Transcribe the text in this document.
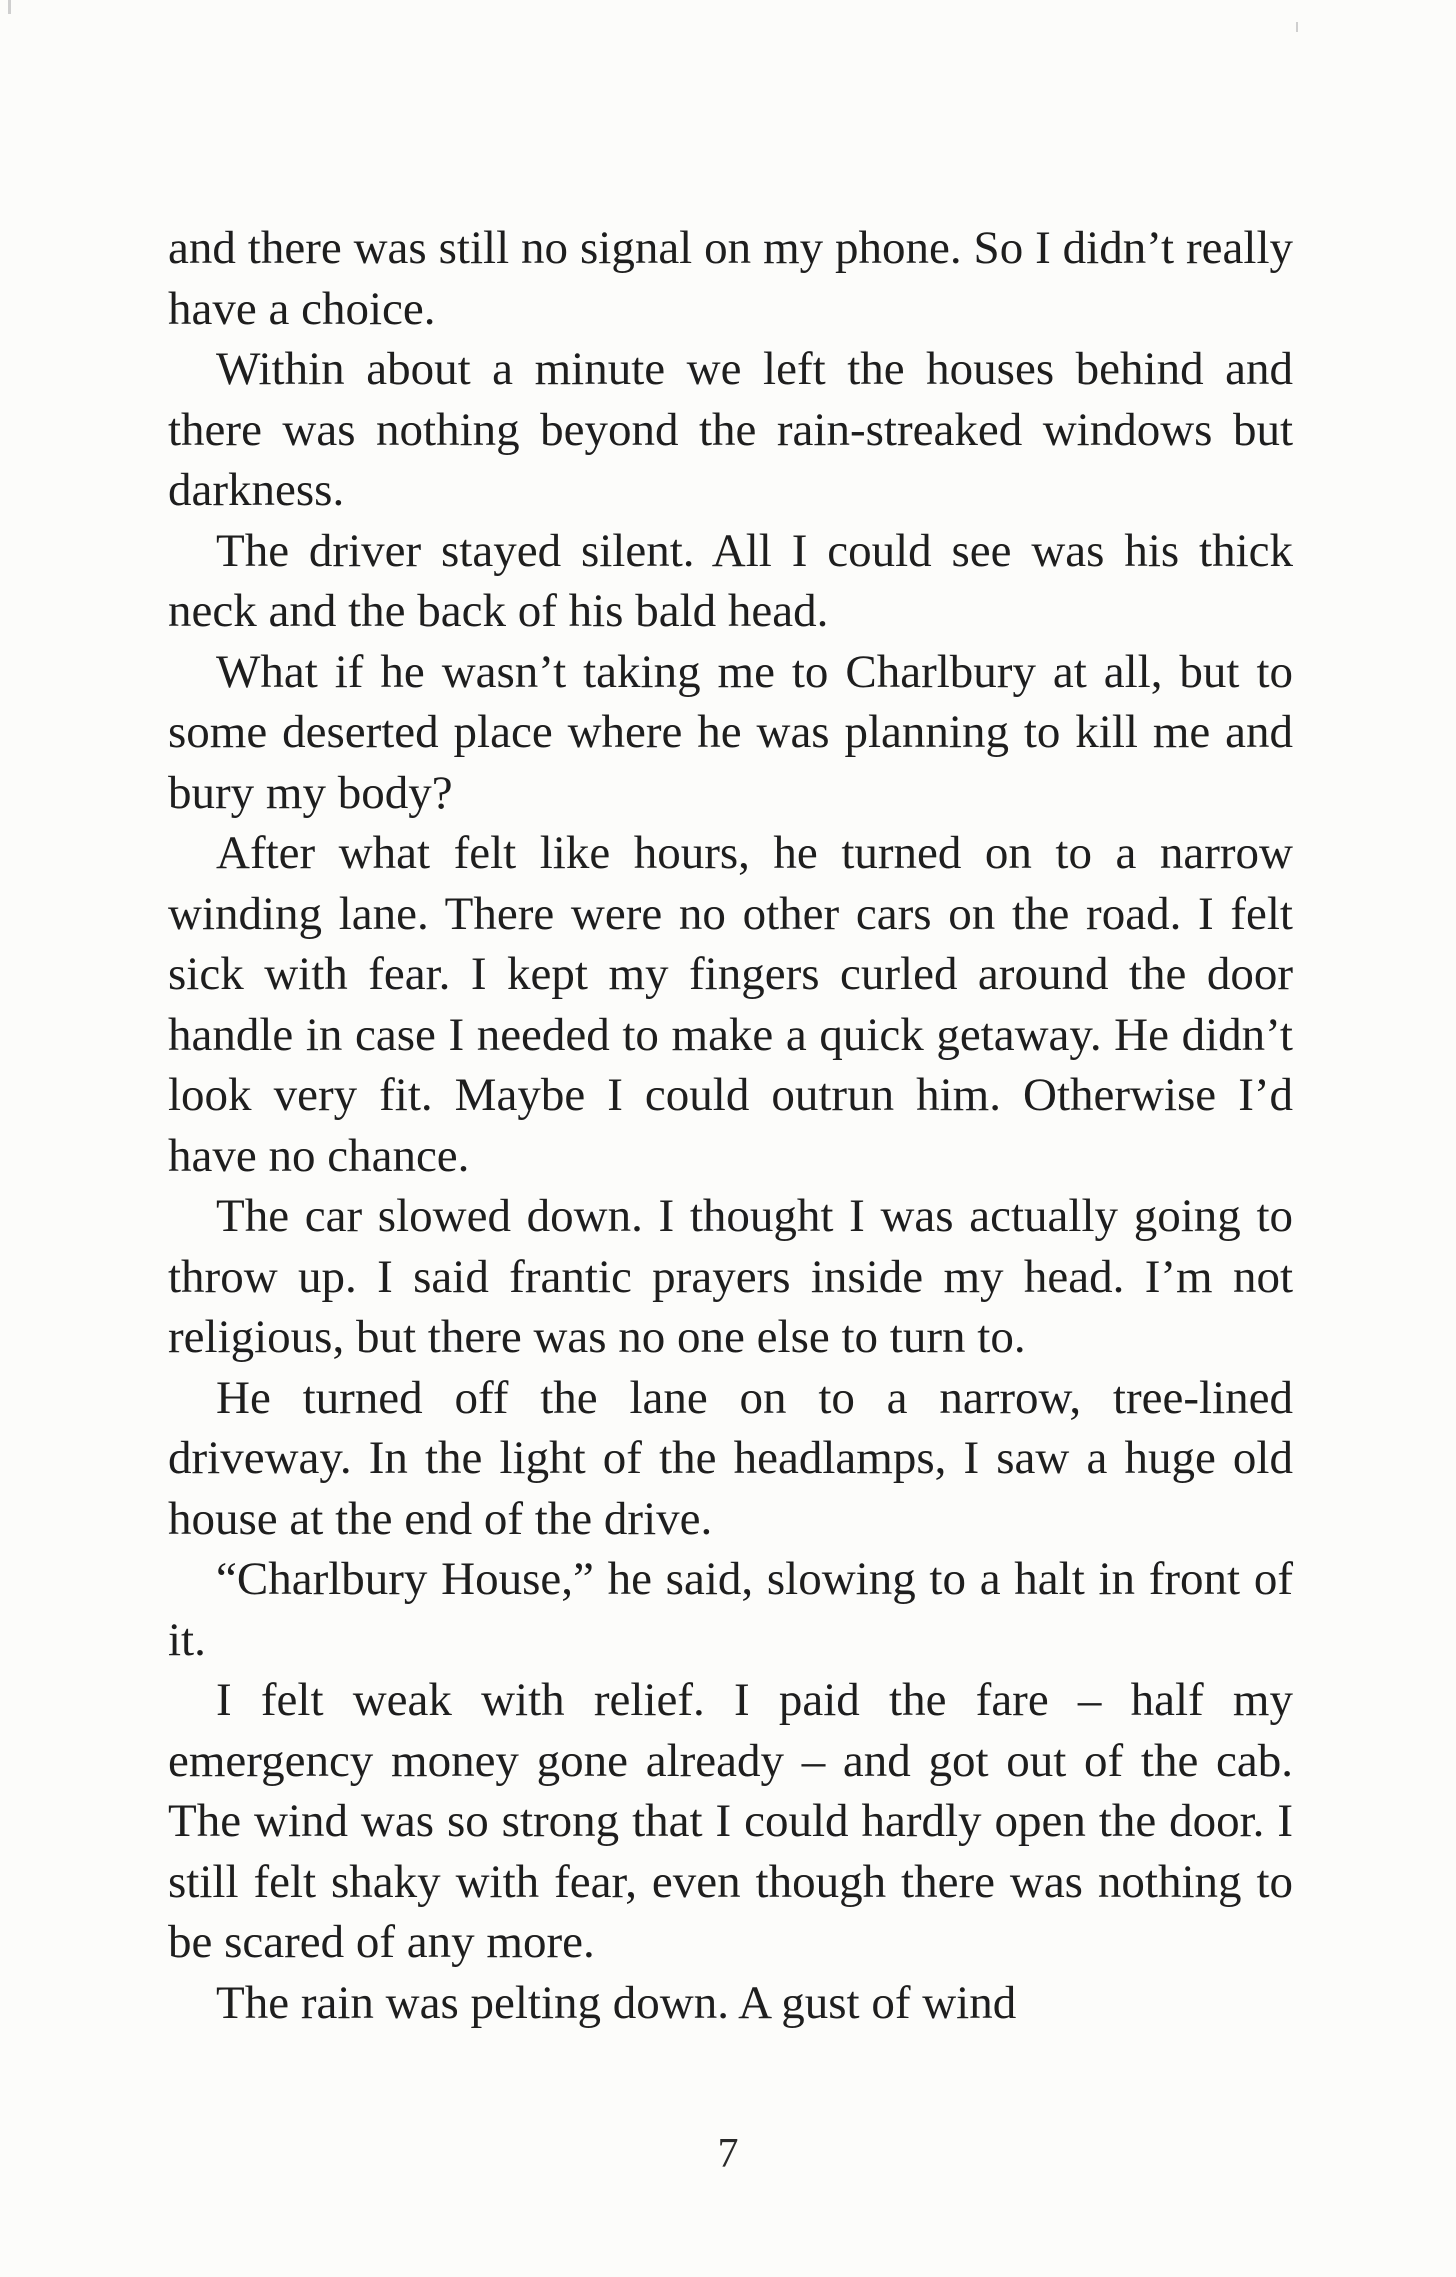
and there was still no signal on my phone. So I didn’t really have a choice.

Within about a minute we left the houses behind and there was nothing beyond the rain-streaked windows but darkness.

The driver stayed silent. All I could see was his thick neck and the back of his bald head.

What if he wasn’t taking me to Charlbury at all, but to some deserted place where he was planning to kill me and bury my body?

After what felt like hours, he turned on to a narrow winding lane. There were no other cars on the road. I felt sick with fear. I kept my fingers curled around the door handle in case I needed to make a quick getaway. He didn’t look very fit. Maybe I could outrun him. Otherwise I’d have no chance.

The car slowed down. I thought I was actually going to throw up. I said frantic prayers inside my head. I’m not religious, but there was no one else to turn to.

He turned off the lane on to a narrow, tree-lined driveway. In the light of the headlamps, I saw a huge old house at the end of the drive.

“Charlbury House,” he said, slowing to a halt in front of it.

I felt weak with relief. I paid the fare – half my emergency money gone already – and got out of the cab. The wind was so strong that I could hardly open the door. I still felt shaky with fear, even though there was nothing to be scared of any more.

The rain was pelting down. A gust of wind

7
